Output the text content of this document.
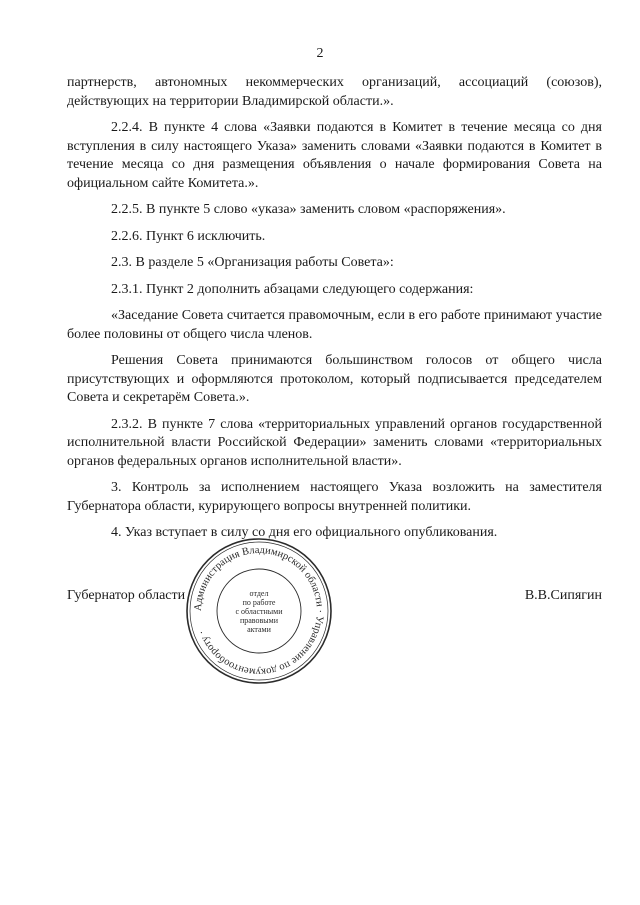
2

партнерств, автономных некоммерческих организаций, ассоциаций (союзов), действующих на территории Владимирской области.».

2.2.4. В пункте 4 слова «Заявки подаются в Комитет в течение месяца со дня вступления в силу настоящего Указа» заменить словами «Заявки подаются в Комитет в течение месяца со дня размещения объявления о начале формирования Совета на официальном сайте Комитета.».

2.2.5. В пункте 5 слово «указа» заменить словом «распоряжения».

2.2.6. Пункт 6 исключить.

2.3. В разделе 5 «Организация работы Совета»:

2.3.1. Пункт 2 дополнить абзацами следующего содержания:

«Заседание Совета считается правомочным, если в его работе принимают участие более половины от общего числа членов.

Решения Совета принимаются большинством голосов от общего числа присутствующих и оформляются протоколом, который подписывается председателем Совета и секретарём Совета.».

2.3.2. В пункте 7 слова «территориальных управлений органов государственной исполнительной власти Российской Федерации» заменить словами «территориальных органов федеральных органов исполнительной власти».

3. Контроль за исполнением настоящего Указа возложить на заместителя Губернатора области, курирующего вопросы внутренней политики.

4. Указ вступает в силу со дня его официального опубликования.

Администрация Владимирской области · Управление по документообороту ·
отдел
по работе
с областными
правовыми
актами
Губернатор области	В.В.Сипягин
